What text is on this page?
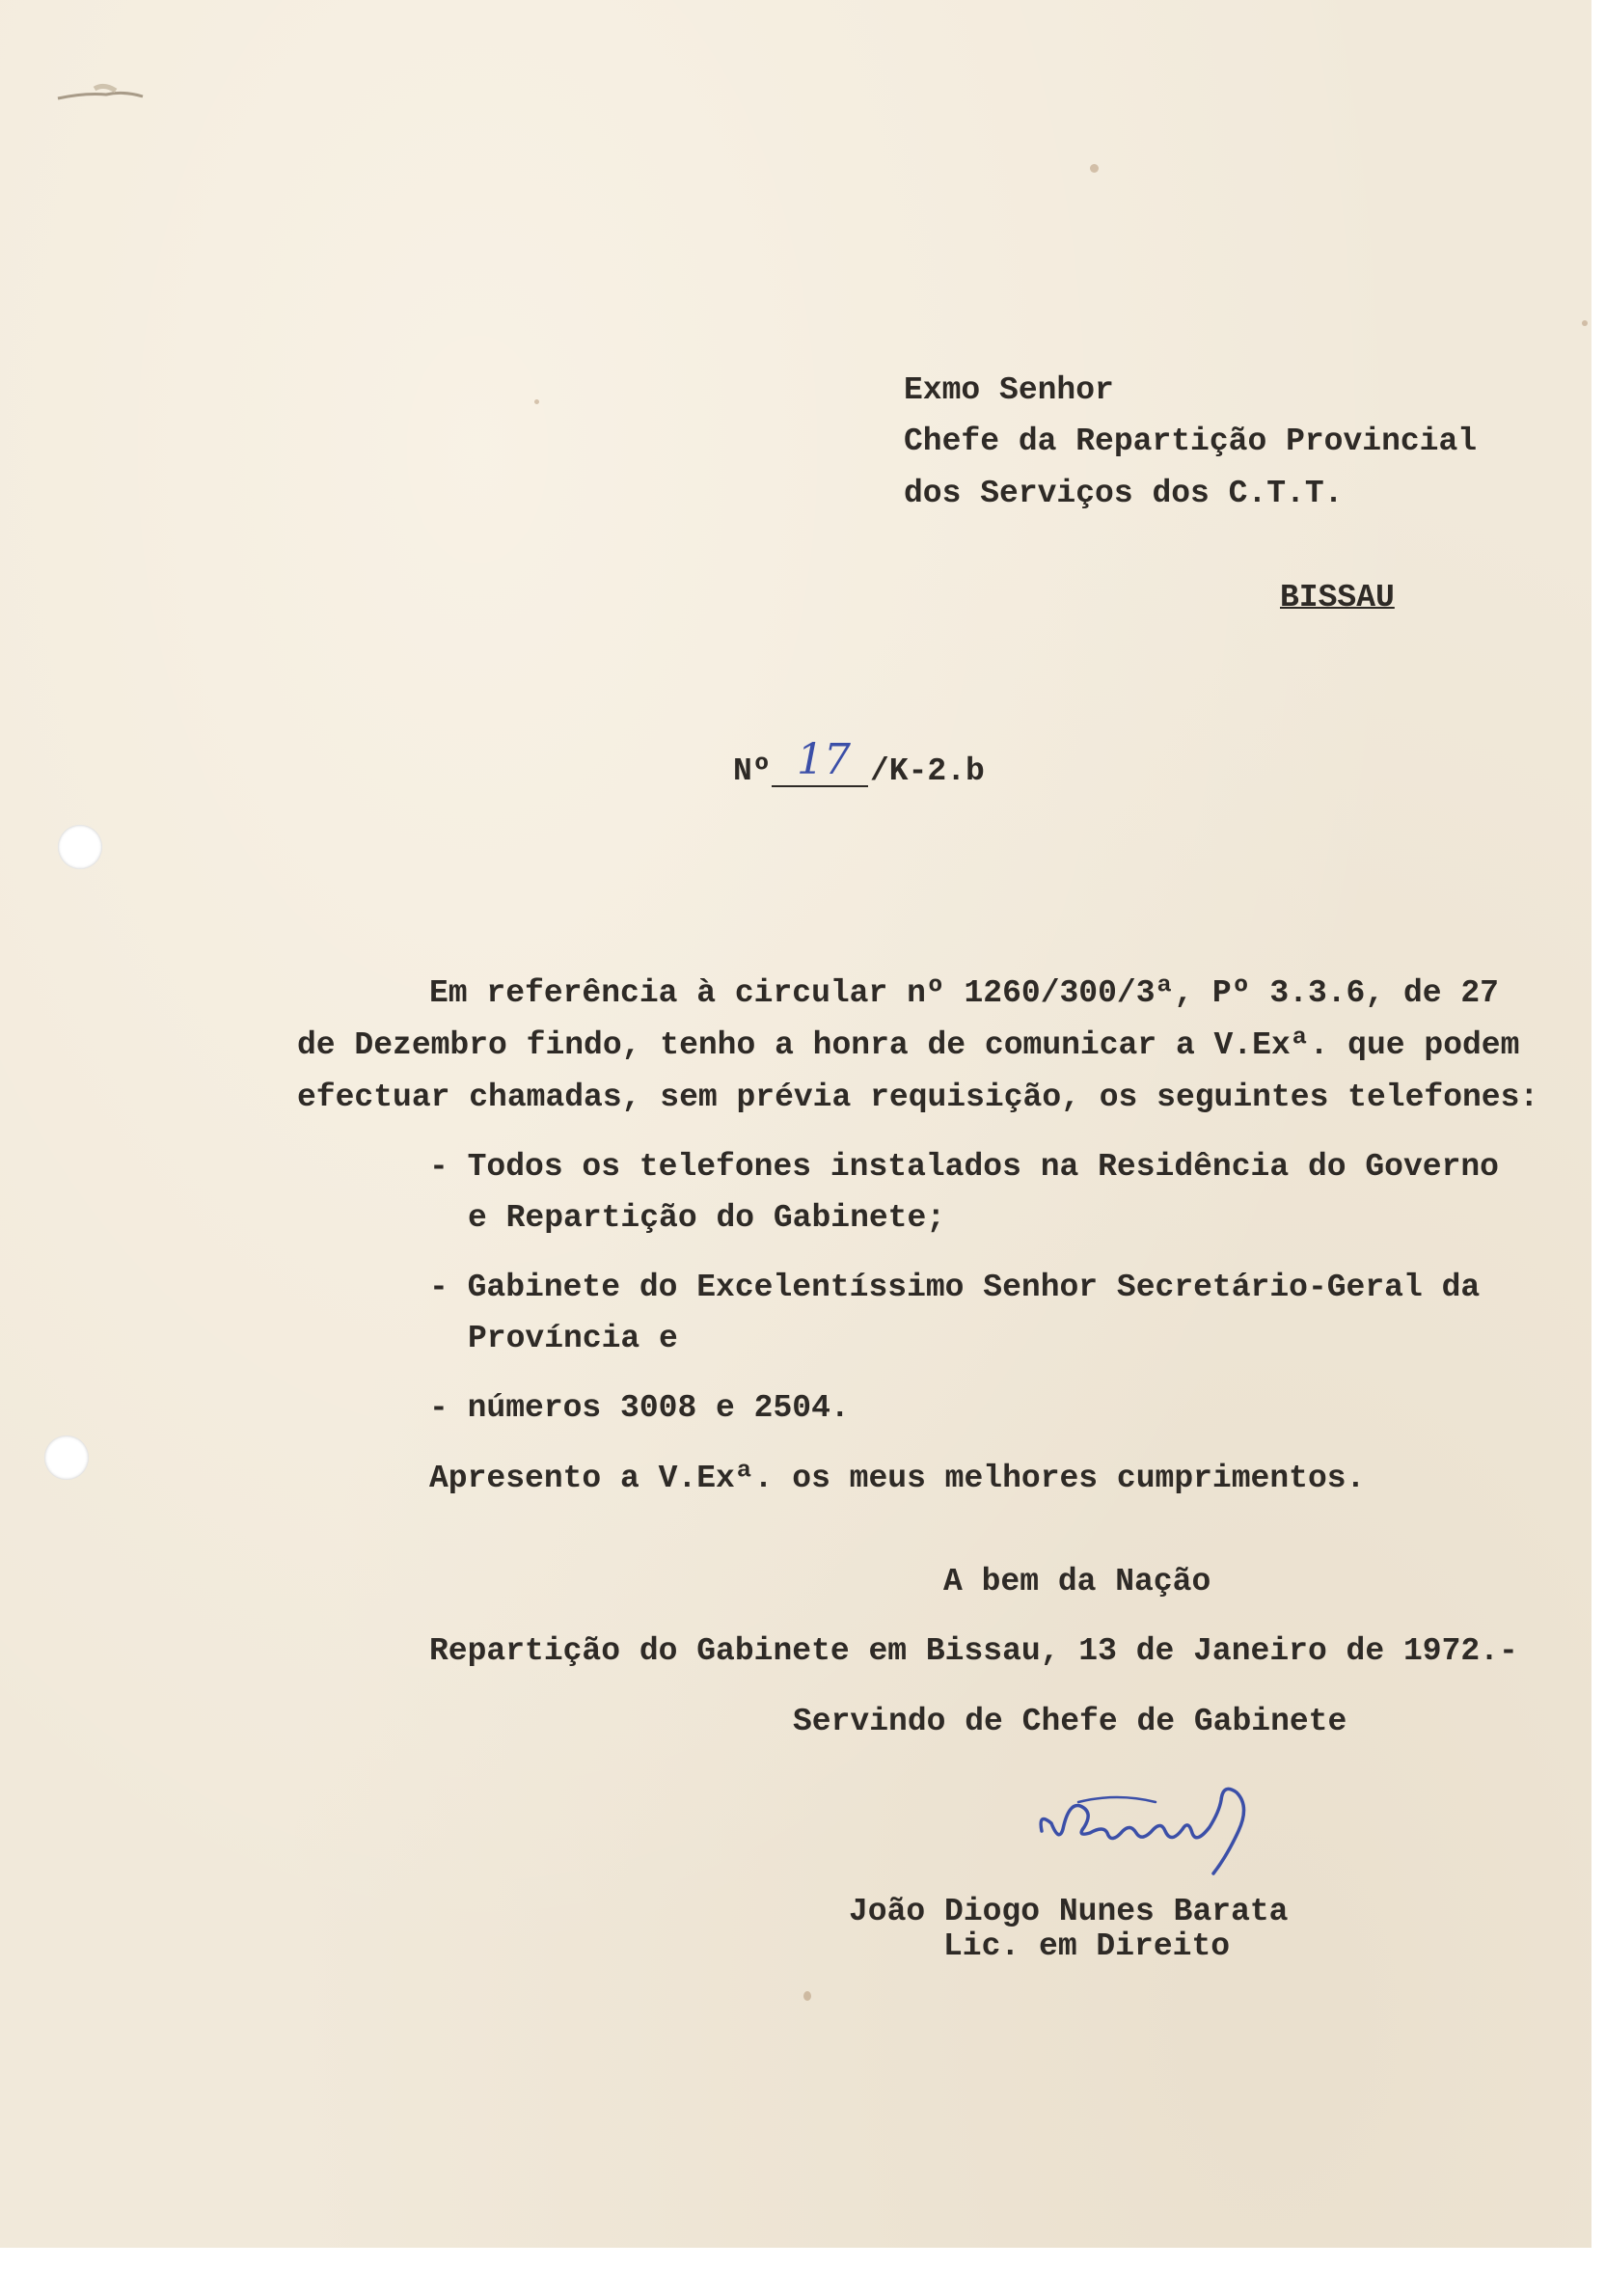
Exmo Senhor
Chefe da Repartição Provincial
dos Serviços dos C.T.T.
BISSAU
Nº 17 /K-2.b
Em referência à circular nº 1260/300/3ª, Pº 3.3.6, de 27
de Dezembro findo, tenho a honra de comunicar a V.Exª. que podem
efectuar chamadas, sem prévia requisição, os seguintes telefones:
- Todos os telefones instalados na Residência do Governo
e Repartição do Gabinete;
- Gabinete do Excelentíssimo Senhor Secretário-Geral da
Província e
- números 3008 e 2504.
Apresento a V.Exª. os meus melhores cumprimentos.
A bem da Nação
Repartição do Gabinete em Bissau, 13 de Janeiro de 1972.-
Servindo de Chefe de Gabinete
João Diogo Nunes Barata
Lic. em Direito
